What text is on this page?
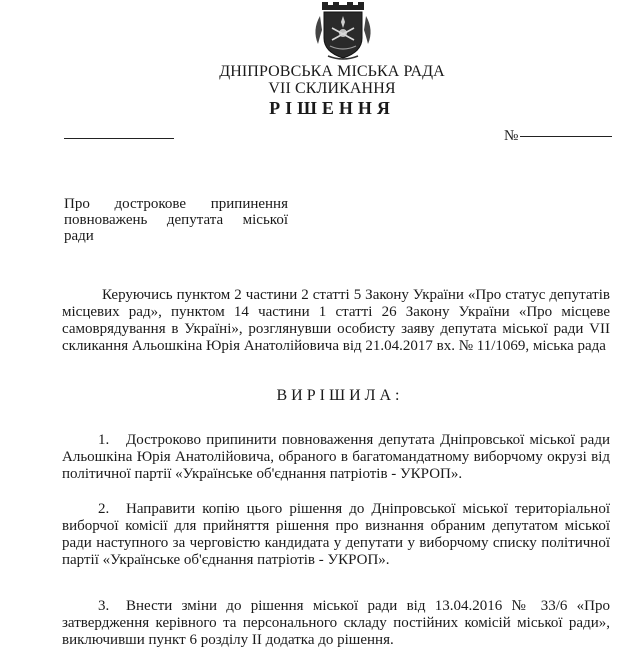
ДНІПРОВСЬКА МІСЬКА РАДА
VII СКЛИКАННЯ
РІШЕННЯ
№
Про дострокове припинення
повноважень депутата міської
ради
Керуючись пунктом 2 частини 2 статті 5 Закону України «Про статус депутатів місцевих рад», пунктом 14 частини 1 статті 26 Закону України «Про місцеве самоврядування в Україні», розглянувши особисту заяву депутата міської ради VII скликання Альошкіна Юрія Анатолійовича від 21.04.2017 вх. № 11/1069, міська рада
ВИРІШИЛА:
1. Достроково припинити повноваження депутата Дніпровської міської ради Альошкіна Юрія Анатолійовича, обраного в багатомандатному виборчому окрузі від політичної партії «Українське об'єднання патріотів - УКРОП».
2. Направити копію цього рішення до Дніпровської міської територіальної виборчої комісії для прийняття рішення про визнання обраним депутатом міської ради наступного за черговістю кандидата у депутати у виборчому списку політичної партії «Українське об'єднання патріотів - УКРОП».
3. Внести зміни до рішення міської ради від 13.04.2016 № 33/6 «Про затвердження керівного та персонального складу постійних комісій міської ради», виключивши пункт 6 розділу II додатка до рішення.
